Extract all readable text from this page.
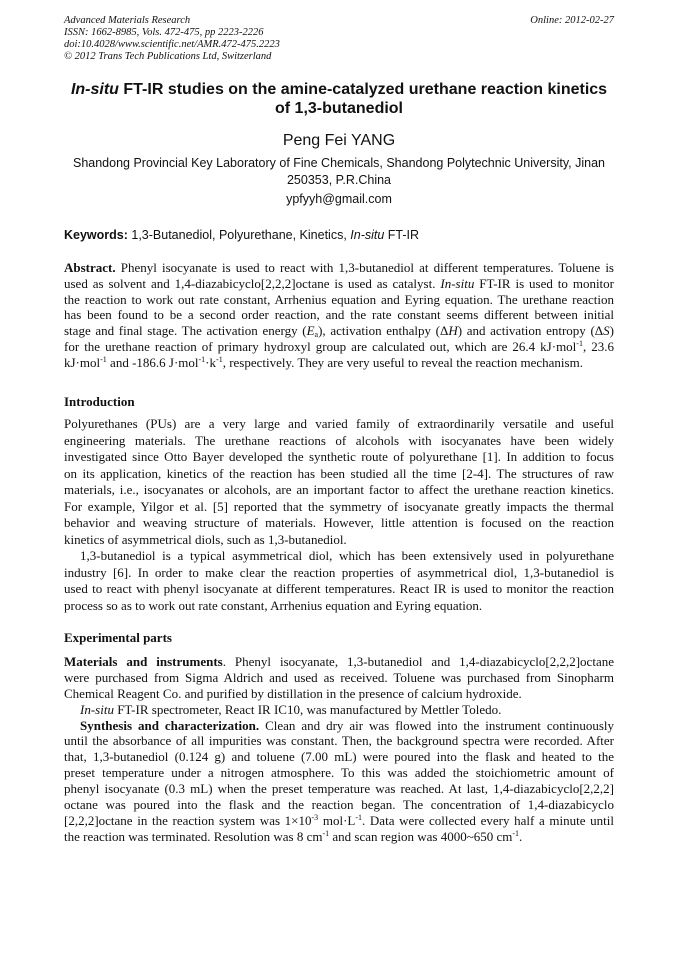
Advanced Materials Research
ISSN: 1662-8985, Vols. 472-475, pp 2223-2226
doi:10.4028/www.scientific.net/AMR.472-475.2223
© 2012 Trans Tech Publications Ltd, Switzerland
Online: 2012-02-27
In-situ FT-IR studies on the amine-catalyzed urethane reaction kinetics
of 1,3-butanediol
Peng Fei YANG
Shandong Provincial Key Laboratory of Fine Chemicals, Shandong Polytechnic University, Jinan
250353, P.R.China
ypfyyh@gmail.com
Keywords: 1,3-Butanediol, Polyurethane, Kinetics, In-situ FT-IR
Abstract. Phenyl isocyanate is used to react with 1,3-butanediol at different temperatures. Toluene is
used as solvent and 1,4-diazabicyclo[2,2,2]octane is used as catalyst. In-situ FT-IR is used to monitor
the reaction to work out rate constant, Arrhenius equation and Eyring equation. The urethane reaction
has been found to be a second order reaction, and the rate constant seems different between initial
stage and final stage. The activation energy $(E_a)$, activation enthalpy (ΔH) and activation entropy (ΔS)
for the urethane reaction of primary hydroxyl group are calculated out, which are 26.4 kJ·mol$^{-1}$, 23.6
kJ·mol$^{-1}$ and -186.6 $J\cdot mol^{-1}\cdot k^{-1}$, respectively. They are very useful to reveal the reaction mechanism.
Introduction
Polyurethanes (PUs) are a very large and varied family of extraordinarily versatile and useful
engineering materials. The urethane reactions of alcohols with isocyanates have been widely
investigated since Otto Bayer developed the synthetic route of polyurethane [1]. In addition to focus
on its application, kinetics of the reaction has been studied all the time [2-4]. The structures of raw
materials, i.e., isocyanates or alcohols, are an important factor to affect the urethane reaction kinetics.
For example, Yilgor et al. [5] reported that the symmetry of isocyanate greatly impacts the thermal
behavior and weaving structure of materials. However, little attention is focused on the reaction
kinetics of asymmetrical diols, such as 1,3-butanediol.
1,3-butanediol is a typical asymmetrical diol, which has been extensively used in polyurethane
industry [6]. In order to make clear the reaction properties of asymmetrical diol, 1,3-butanediol is
used to react with phenyl isocyanate at different temperatures. React IR is used to monitor the reaction
process so as to work out rate constant, Arrhenius equation and Eyring equation.
Experimental parts
Materials and instruments. Phenyl isocyanate, 1,3-butanediol and 1,4-diazabicyclo[2,2,2]octane
were purchased from Sigma Aldrich and used as received. Toluene was purchased from Sinopharm
Chemical Reagent Co. and purified by distillation in the presence of calcium hydroxide.
In-situ FT-IR spectrometer, React IR IC10, was manufactured by Mettler Toledo.
Synthesis and characterization. Clean and dry air was flowed into the instrument continuously
until the absorbance of all impurities was constant. Then, the background spectra were recorded. After
that, 1,3-butanediol (0.124 g) and toluene (7.00 mL) were poured into the flask and heated to the
preset temperature under a nitrogen atmosphere. To this was added the stoichiometric amount of
phenyl isocyanate (0.3 mL) when the preset temperature was reached. At last, 1,4-diazabicyclo[2,2,2]
octane was poured into the flask and the reaction began. The concentration of 1,4-diazabicyclo
[2,2,2]octane in the reaction system was $1\times 10^{-3}$ $mol\cdot L^{-1}$. Data were collected every half a minute until
the reaction was terminated. Resolution was 8 $cm^{-1}$ and scan region was 4000~650 $cm^{-1}$.
